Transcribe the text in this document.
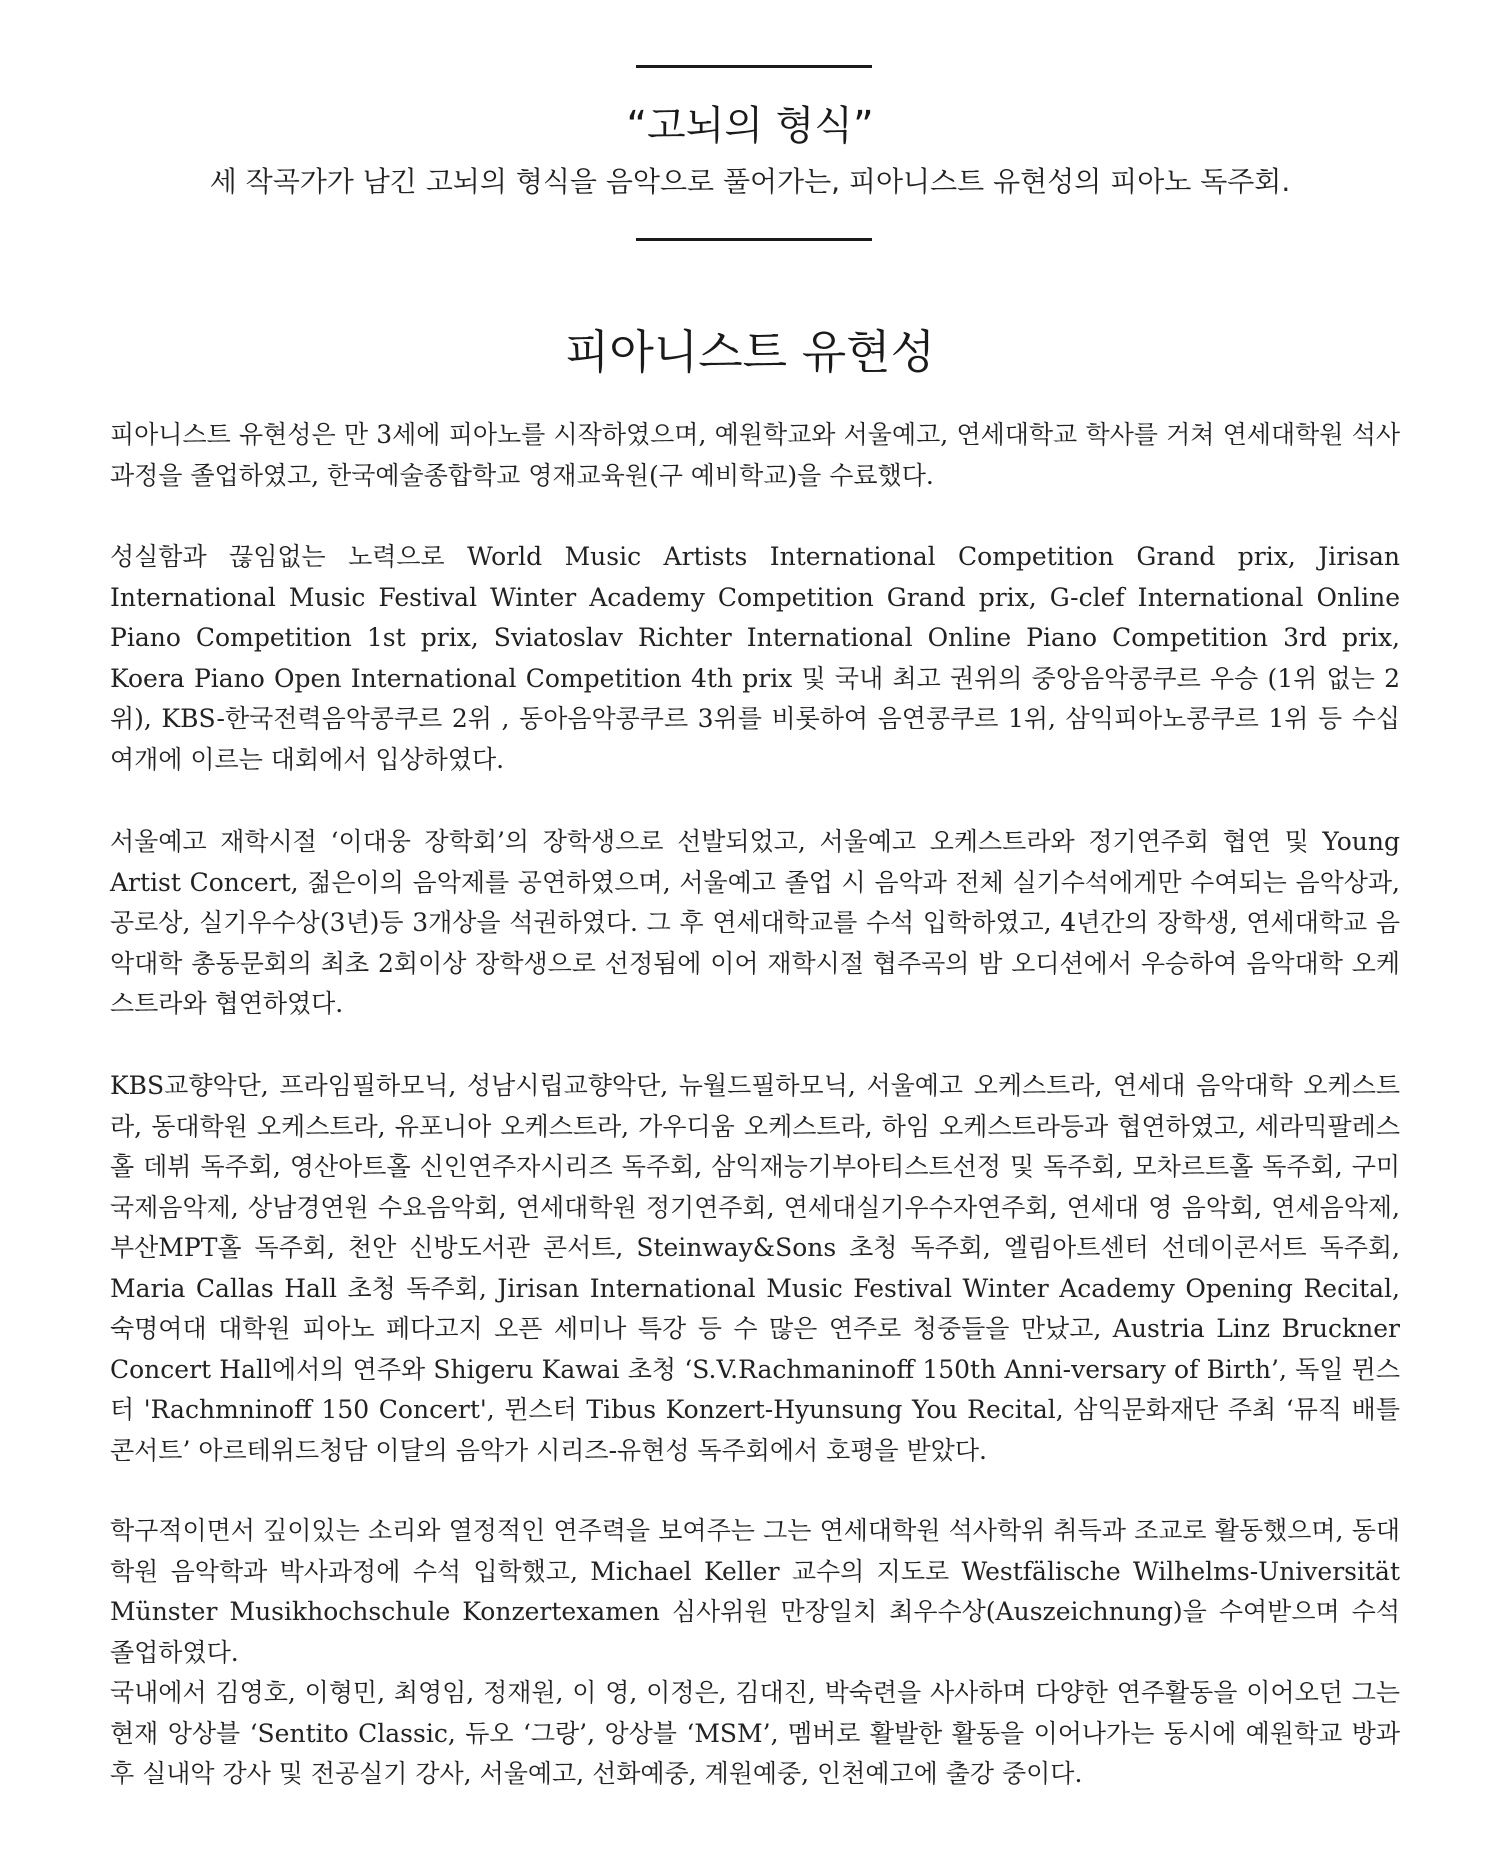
“고뇌의 형식”
세 작곡가가 남긴 고뇌의 형식을 음악으로 풀어가는, 피아니스트 유현성의 피아노 독주회.
피아니스트 유현성

피아니스트 유현성은 만 3세에 피아노를 시작하였으며, 예원학교와 서울예고, 연세대학교 학사를 거쳐 연세대학원 석사과정을 졸업하였고, 한국예술종합학교 영재교육원(구 예비학교)을 수료했다.

성실함과 끊임없는 노력으로 World Music Artists International Competition Grand prix, Jirisan International Music Festival Winter Academy Competition Grand prix, G-clef International Online Piano Competition 1st prix, Sviatoslav Richter International Online Piano Competition 3rd prix, Koera Piano Open International Competition 4th prix 및 국내 최고 권위의 중앙음악콩쿠르 우승 (1위 없는 2위), KBS-한국전력음악콩쿠르 2위 , 동아음악콩쿠르 3위를 비롯하여 음연콩쿠르 1위, 삼익피아노콩쿠르 1위 등 수십여개에 이르는 대회에서 입상하였다.

서울예고 재학시절 ‘이대웅 장학회’의 장학생으로 선발되었고, 서울예고 오케스트라와 정기연주회 협연 및 Young Artist Concert, 젊은이의 음악제를 공연하였으며, 서울예고 졸업 시 음악과 전체 실기수석에게만 수여되는 음악상과, 공로상, 실기우수상(3년)등 3개상을 석권하였다. 그 후 연세대학교를 수석 입학하였고, 4년간의 장학생, 연세대학교 음악대학 총동문회의 최초 2회이상 장학생으로 선정됨에 이어 재학시절 협주곡의 밤 오디션에서 우승하여 음악대학 오케스트라와 협연하였다.

KBS교향악단, 프라임필하모닉, 성남시립교향악단, 뉴월드필하모닉, 서울예고 오케스트라, 연세대 음악대학 오케스트라, 동대학원 오케스트라, 유포니아 오케스트라, 가우디움 오케스트라, 하임 오케스트라등과 협연하였고, 세라믹팔레스홀 데뷔 독주회, 영산아트홀 신인연주자시리즈 독주회, 삼익재능기부아티스트선정 및 독주회, 모차르트홀 독주회, 구미국제음악제, 상남경연원 수요음악회, 연세대학원 정기연주회, 연세대실기우수자연주회, 연세대 영 음악회, 연세음악제, 부산MPT홀 독주회, 천안 신방도서관 콘서트, Steinway&Sons 초청 독주회, 엘림아트센터 선데이콘서트 독주회, Maria Callas Hall 초청 독주회, Jirisan International Music Festival Winter Academy Opening Recital, 숙명여대 대학원 피아노 페다고지 오픈 세미나 특강 등 수 많은 연주로 청중들을 만났고, Austria Linz Bruckner Concert Hall에서의 연주와 Shigeru Kawai 초청 ‘S.V.Rachmaninoff 150th Anni-versary of Birth’, 독일 뮌스터 'Rachmninoff 150 Concert', 뮌스터 Tibus Konzert-Hyunsung You Recital, 삼익문화재단 주최 ‘뮤직 배틀 콘서트’ 아르테위드청담 이달의 음악가 시리즈-유현성 독주회에서 호평을 받았다.

학구적이면서 깊이있는 소리와 열정적인 연주력을 보여주는 그는 연세대학원 석사학위 취득과 조교로 활동했으며, 동대학원 음악학과 박사과정에 수석 입학했고, Michael Keller 교수의 지도로 Westfälische Wilhelms-Universität Münster Musikhochschule Konzertexamen 심사위원 만장일치 최우수상(Auszeichnung)을 수여받으며 수석 졸업하였다.

국내에서 김영호, 이형민, 최영임, 정재원, 이 영, 이정은, 김대진, 박숙련을 사사하며 다양한 연주활동을 이어오던 그는 현재 앙상블 ‘Sentito Classic, 듀오 ‘그랑’, 앙상블 ‘MSM’, 멤버로 활발한 활동을 이어나가는 동시에 예원학교 방과 후 실내악 강사 및 전공실기 강사, 서울예고, 선화예중, 계원예중, 인천예고에 출강 중이다.
